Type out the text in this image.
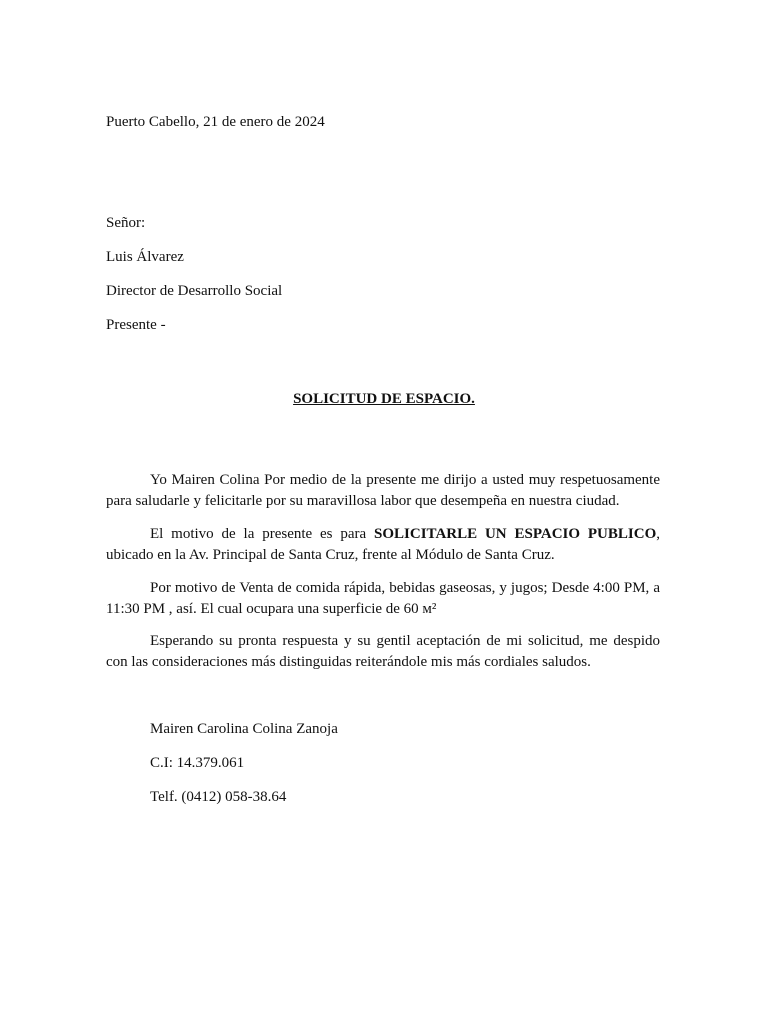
Puerto Cabello, 21 de enero de 2024
Señor:
Luis Álvarez
Director de Desarrollo Social
Presente -
SOLICITUD DE ESPACIO.
Yo Mairen Colina Por medio de la presente me dirijo a usted muy respetuosamente para saludarle y felicitarle por su maravillosa labor que desempeña en nuestra ciudad.
El motivo de la presente es para SOLICITARLE UN ESPACIO PUBLICO, ubicado en la Av. Principal de Santa Cruz, frente al Módulo de Santa Cruz.
Por motivo de Venta de comida rápida, bebidas gaseosas, y jugos; Desde 4:00 PM, a 11:30 PM , así. El cual ocupara una superficie de 60 м²
Esperando su pronta respuesta y su gentil aceptación de mi solicitud, me despido con las consideraciones más distinguidas reiterándole mis más cordiales saludos.
Mairen Carolina Colina Zanoja
C.I: 14.379.061
Telf. (0412) 058-38.64
